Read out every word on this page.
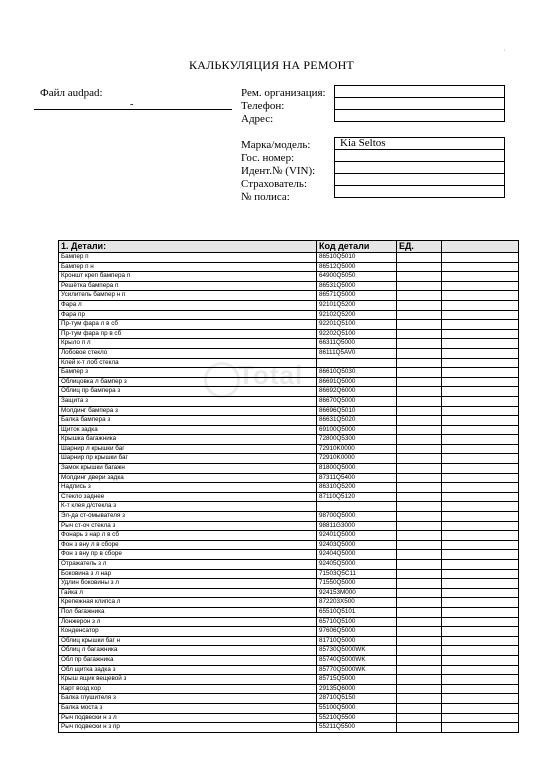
·
КАЛЬКУЛЯЦИЯ НА РЕМОНТ
Файл audpad:
-
Рем. организация:
Телефон:
Адрес:

Марка/модель:
Гос. номер:
Идент.№ (VIN):
Страхователь:
№ полиса:
Kia Seltos

1. Детали:	Код детали	ЕД.	
Бампер п	86510Q5010		
Бампер п н	86512Q5000		
Кроншт креп бампера п	64900Q5050		
Решётка бампера п	86531Q5000		
Усилитель бампер н п	86571Q5000		
Фара л	92101Q5200		
Фара пр	92102Q5200		
Пр-тум фара л в сб	92201Q5100		
Пр-тум фара пр в сб	92202Q5100		
Крыло п л	66311Q5000		
Лобовое стекло	86111Q5AV0		
Клей к-т лоб стекла			
Бампер з	86610Q5030		
Облицовка л бампер з	86691Q5000		
Облиц пр бампера з	86692Q6000		
Защита з	86670Q5000		
Молдинг бампера з	86696Q5010		
Балка бампера з	86631Q5020		
Щиток задка	69100Q5000		
Крышка багажника	72800Q5300		
Шарнир л крышки баг	72910K0000		
Шарнир пр крышки баг	72910K0000		
Замок крышки багажн	81800Q5000		
Молдинг двери задка	87311Q5400		
Надпись з	86310Q5200		
Стекло заднее	87110Q5120		
К-т клея д/стекла з			
Эл-да ст-омывателя з	98700Q5000		
Рыч ст-оч стекла з	98811G3000		
Фонарь з нар л в сб	92401Q5000		
Фон з вну л в сборе	92403Q5000		
Фон з вну пр в сборе	92404Q5000		
Отражатель з л	92405Q5000		
Боковина з л нар	71503Q5C11		
Удлин боковины з л	71550Q5000		
Гайка л	924153M000		
Крепежная клипса л	872203X500		
Пол багажника	65510Q5101		
Лонжерон з л	65710Q5100		
Конденсатор	97606Q5000		
Облиц крышки баг н	81710Q5000		
Облиц л багажника	85730Q5000WK		
Обл пр багажника	85740Q5000WK		
Обл щитка задка з	85770Q5000WK		
Крыш ящик вещевой з	85715Q5000		
Карт возд кор	29135Q6000		
Балка глушителя з	28710Q5150		
Балка моста з	55100Q5000		
Рыч подвески н з л	55210Q5500		
Рыч подвески н з пр	55211Q5500		
Total
